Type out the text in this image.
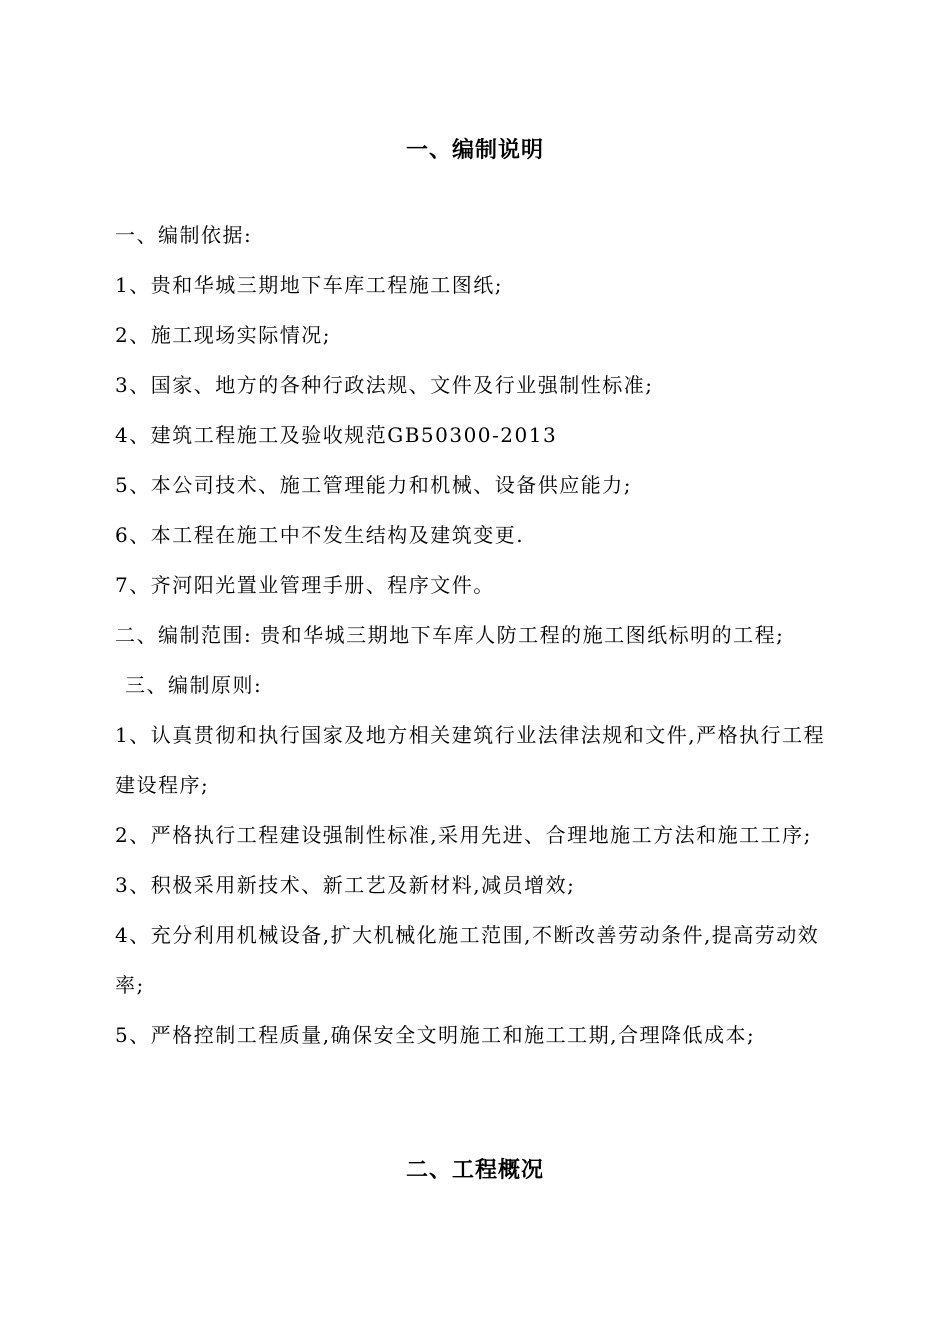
一、编制说明

一、编制依据:

1、贵和华城三期地下车库工程施工图纸;

2、施工现场实际情况;

3、国家、地方的各种行政法规、文件及行业强制性标准;

4、建筑工程施工及验收规范GB50300-2013

5、本公司技术、施工管理能力和机械、设备供应能力;

6、本工程在施工中不发生结构及建筑变更.

7、齐河阳光置业管理手册、程序文件。

二、编制范围: 贵和华城三期地下车库人防工程的施工图纸标明的工程;

三、编制原则:

1、认真贯彻和执行国家及地方相关建筑行业法律法规和文件,严格执行工程建设程序;

2、严格执行工程建设强制性标准,采用先进、合理地施工方法和施工工序;

3、积极采用新技术、新工艺及新材料,减员增效;

4、充分利用机械设备,扩大机械化施工范围,不断改善劳动条件,提高劳动效率;

5、严格控制工程质量,确保安全文明施工和施工工期,合理降低成本;

二、工程概况
